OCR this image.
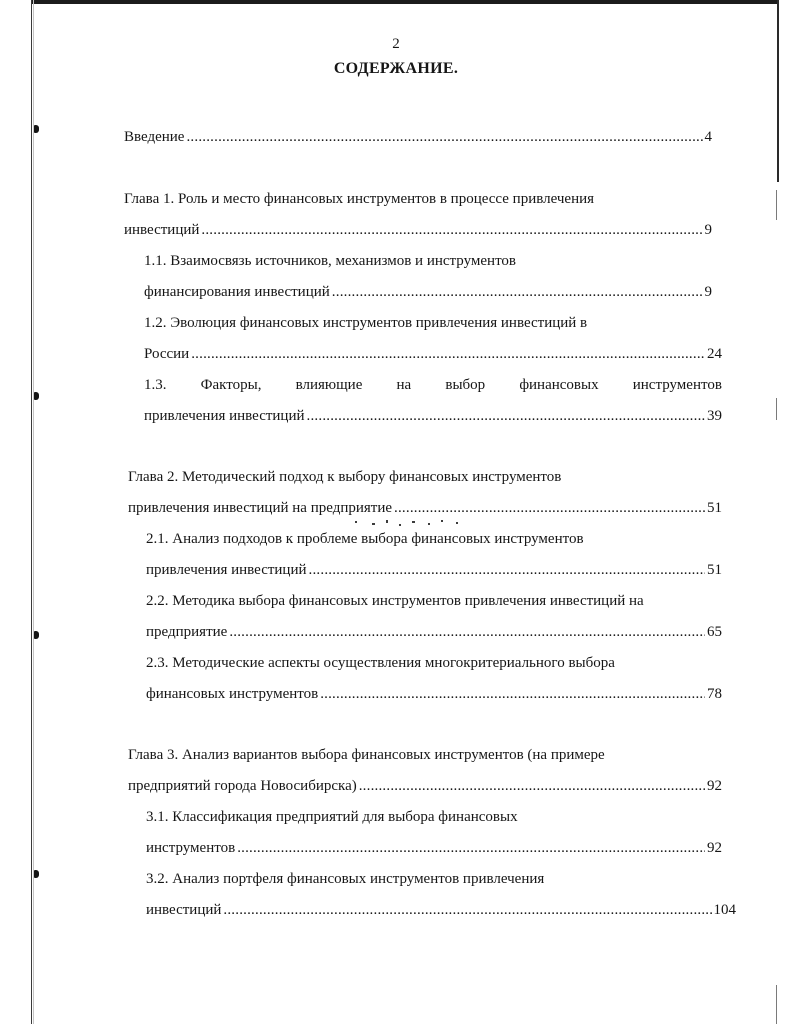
2
СОДЕРЖАНИЕ.
Введение .....	4
Глава 1. Роль и место финансовых инструментов в процессе привлечения
инвестиций .....	9
1.1. Взаимосвязь источников, механизмов и инструментов
финансирования инвестиций .....	9
1.2. Эволюция финансовых инструментов привлечения инвестиций в
России .....	24
1.3. Факторы, влияющие на выбор финансовых инструментов
привлечения инвестиций .....	39
Глава 2. Методический подход к выбору финансовых инструментов
привлечения инвестиций на предприятие .....	51
2.1. Анализ подходов к проблеме выбора финансовых инструментов
привлечения инвестиций .....	51
2.2. Методика выбора финансовых инструментов привлечения инвестиций на
предприятие .....	65
2.3. Методические аспекты осуществления многокритериального выбора
финансовых инструментов .....	78
Глава 3. Анализ вариантов выбора финансовых инструментов (на примере
предприятий города Новосибирска) .....	92
3.1. Классификация предприятий для выбора финансовых
инструментов .....	92
3.2. Анализ портфеля финансовых инструментов привлечения
инвестиций .....	104
